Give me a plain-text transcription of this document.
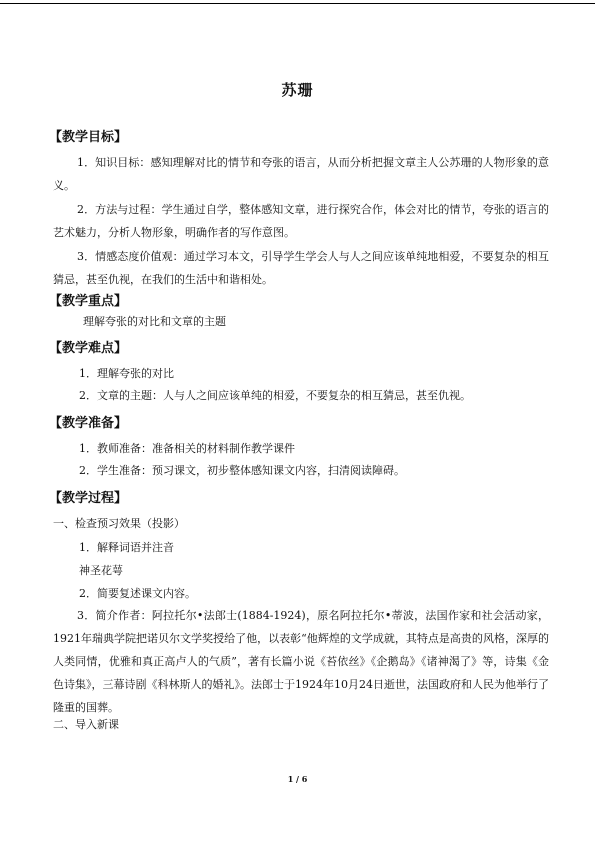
苏珊
【教学目标】
1．知识目标：感知理解对比的情节和夸张的语言，从而分析把握文章主人公苏珊的人物形象的意义。
2．方法与过程：学生通过自学，整体感知文章，进行探究合作，体会对比的情节，夸张的语言的艺术魅力，分析人物形象，明确作者的写作意图。
3．情感态度价值观：通过学习本文，引导学生学会人与人之间应该单纯地相爱，不要复杂的相互猜忌，甚至仇视，在我们的生活中和谐相处。
【教学重点】
理解夸张的对比和文章的主题
【教学难点】
1．理解夸张的对比
2．文章的主题：人与人之间应该单纯的相爱，不要复杂的相互猜忌，甚至仇视。
【教学准备】
1．教师准备：准备相关的材料制作教学课件
2．学生准备：预习课文，初步整体感知课文内容，扫清阅读障碍。
【教学过程】
一、检查预习效果（投影）
1．解释词语并注音
神圣花萼
2．简要复述课文内容。
3．简介作者：阿拉托尔•法郎士(1884-1924)，原名阿拉托尔•蒂波，法国作家和社会活动家，1921年瑞典学院把诺贝尔文学奖授给了他，以表彰“他辉煌的文学成就，其特点是高贵的风格，深厚的人类同情，优雅和真正高卢人的气质”，著有长篇小说《苔依丝》《企鹅岛》《诸神渴了》等，诗集《金色诗集》，三幕诗剧《科林斯人的婚礼》。法郎士于1924年10月24日逝世，法国政府和人民为他举行了隆重的国葬。
二、导入新课
1 / 6
